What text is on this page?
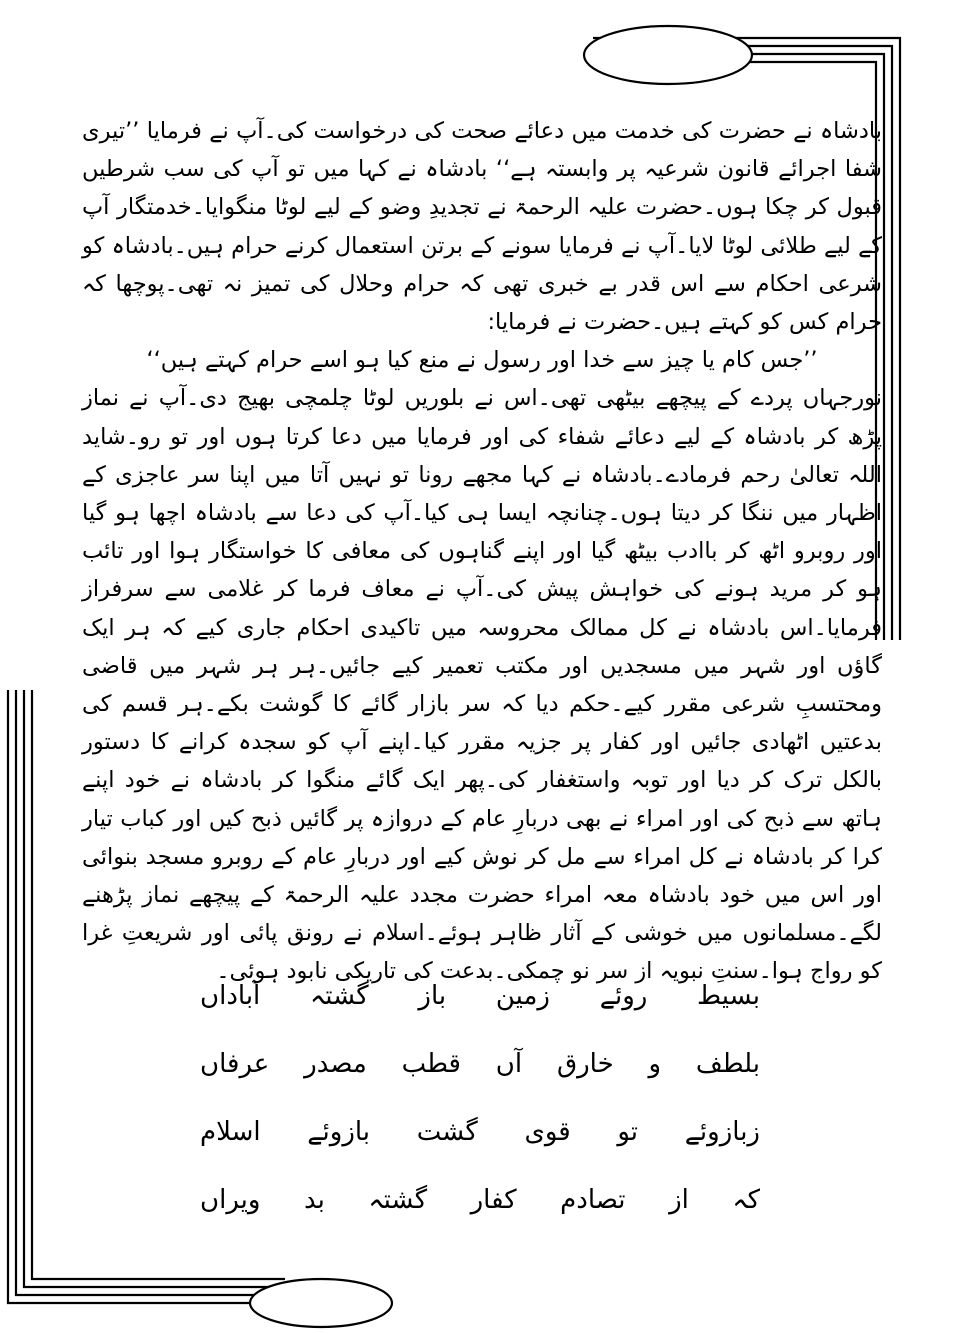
بادشاہ نے حضرت کی خدمت میں دعائے صحت کی درخواست کی۔آپ نے فرمایا ’’تیری شفا اجرائے قانون شرعیہ پر وابستہ ہے‘‘ بادشاہ نے کہا میں تو آپ کی سب شرطیں قبول کر چکا ہوں۔حضرت علیہ الرحمۃ نے تجدیدِ وضو کے لیے لوٹا منگوایا۔خدمتگار آپ کے لیے طلائی لوٹا لایا۔آپ نے فرمایا سونے کے برتن استعمال کرنے حرام ہیں۔بادشاہ کو شرعی احکام سے اس قدر بے خبری تھی کہ حرام وحلال کی تمیز نہ تھی۔پوچھا کہ حرام کس کو کہتے ہیں۔حضرت نے فرمایا:

’’جس کام یا چیز سے خدا اور رسول نے منع کیا ہو اسے حرام کہتے ہیں‘‘

نورجہاں پردے کے پیچھے بیٹھی تھی۔اس نے بلوریں لوٹا چلمچی بھیج دی۔آپ نے نماز پڑھ کر بادشاہ کے لیے دعائے شفاء کی اور فرمایا میں دعا کرتا ہوں اور تو رو۔شاید اللہ تعالیٰ رحم فرمادے۔بادشاہ نے کہا مجھے رونا تو نہیں آتا میں اپنا سر عاجزی کے اظہار میں ننگا کر دیتا ہوں۔چنانچہ ایسا ہی کیا۔آپ کی دعا سے بادشاہ اچھا ہو گیا اور روبرو اٹھ کر باادب بیٹھ گیا اور اپنے گناہوں کی معافی کا خواستگار ہوا اور تائب ہو کر مرید ہونے کی خواہش پیش کی۔آپ نے معاف فرما کر غلامی سے سرفراز فرمایا۔اس بادشاہ نے کل ممالک محروسہ میں تاکیدی احکام جاری کیے کہ ہر ایک گاؤں اور شہر میں مسجدیں اور مکتب تعمیر کیے جائیں۔ہر ہر شہر میں قاضی ومحتسبِ شرعی مقرر کیے۔حکم دیا کہ سر بازار گائے کا گوشت بکے۔ہر قسم کی بدعتیں اٹھادی جائیں اور کفار پر جزیہ مقرر کیا۔اپنے آپ کو سجدہ کرانے کا دستور بالکل ترک کر دیا اور توبہ واستغفار کی۔پھر ایک گائے منگوا کر بادشاہ نے خود اپنے ہاتھ سے ذبح کی اور امراء نے بھی دربارِ عام کے دروازہ پر گائیں ذبح کیں اور کباب تیار کرا کر بادشاہ نے کل امراء سے مل کر نوش کیے اور دربارِ عام کے روبرو مسجد بنوائی اور اس میں خود بادشاہ معہ امراء حضرت مجدد علیہ الرحمۃ کے پیچھے نماز پڑھنے لگے۔مسلمانوں میں خوشی کے آثار ظاہر ہوئے۔اسلام نے رونق پائی اور شریعتِ غرا کو رواج ہوا۔سنتِ نبویہ از سر نو چمکی۔بدعت کی تاریکی نابود ہوئی۔

بسیط روئے زمین باز گشتہ آباداں
بلطف و خارق آں قطب مصدر عرفاں
زبازوئے تو قوی گشت بازوئے اسلام
کہ از تصادم کفار گشتہ بد ویراں
